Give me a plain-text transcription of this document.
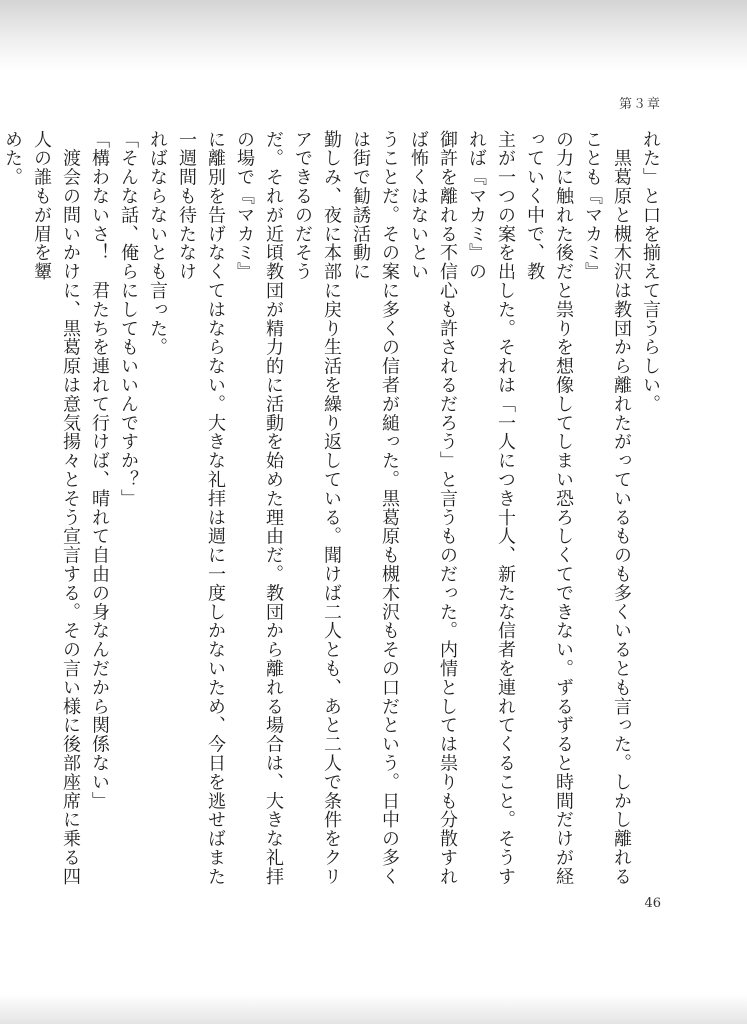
第３章

れた」と口を揃えて言うらしい。

　黒葛原と槻木沢は教団から離れたがっているものも多くいるとも言った。しかし離れることも『マカミ』

の力に触れた後だと祟りを想像してしまい恐ろしくてできない。ずるずると時間だけが経っていく中で、教

主が一つの案を出した。それは「一人につき十人、新たな信者を連れてくること。そうすれば『マカミ』の

御許を離れる不信心も許されるだろう」と言うものだった。内情としては祟りも分散すれば怖くはないとい

うことだ。その案に多くの信者が縋った。黒葛原も槻木沢もその口だという。日中の多くは街で勧誘活動に

勤しみ、夜に本部に戻り生活を繰り返している。聞けば二人とも、あと二人で条件をクリアできるのだそう

だ。それが近頃教団が精力的に活動を始めた理由だ。教団から離れる場合は、大きな礼拝の場で『マカミ』

に離別を告げなくてはならない。大きな礼拝は週に一度しかないため、今日を逃せばまた一週間も待たなけ

ればならないとも言った。

「そんな話、俺らにしてもいいんですか？」

「構わないさ！　君たちを連れて行けば、晴れて自由の身なんだから関係ない」

　渡会の問いかけに、黒葛原は意気揚々とそう宣言する。その言い様に後部座席に乗る四人の誰もが眉を顰

めた。

46
